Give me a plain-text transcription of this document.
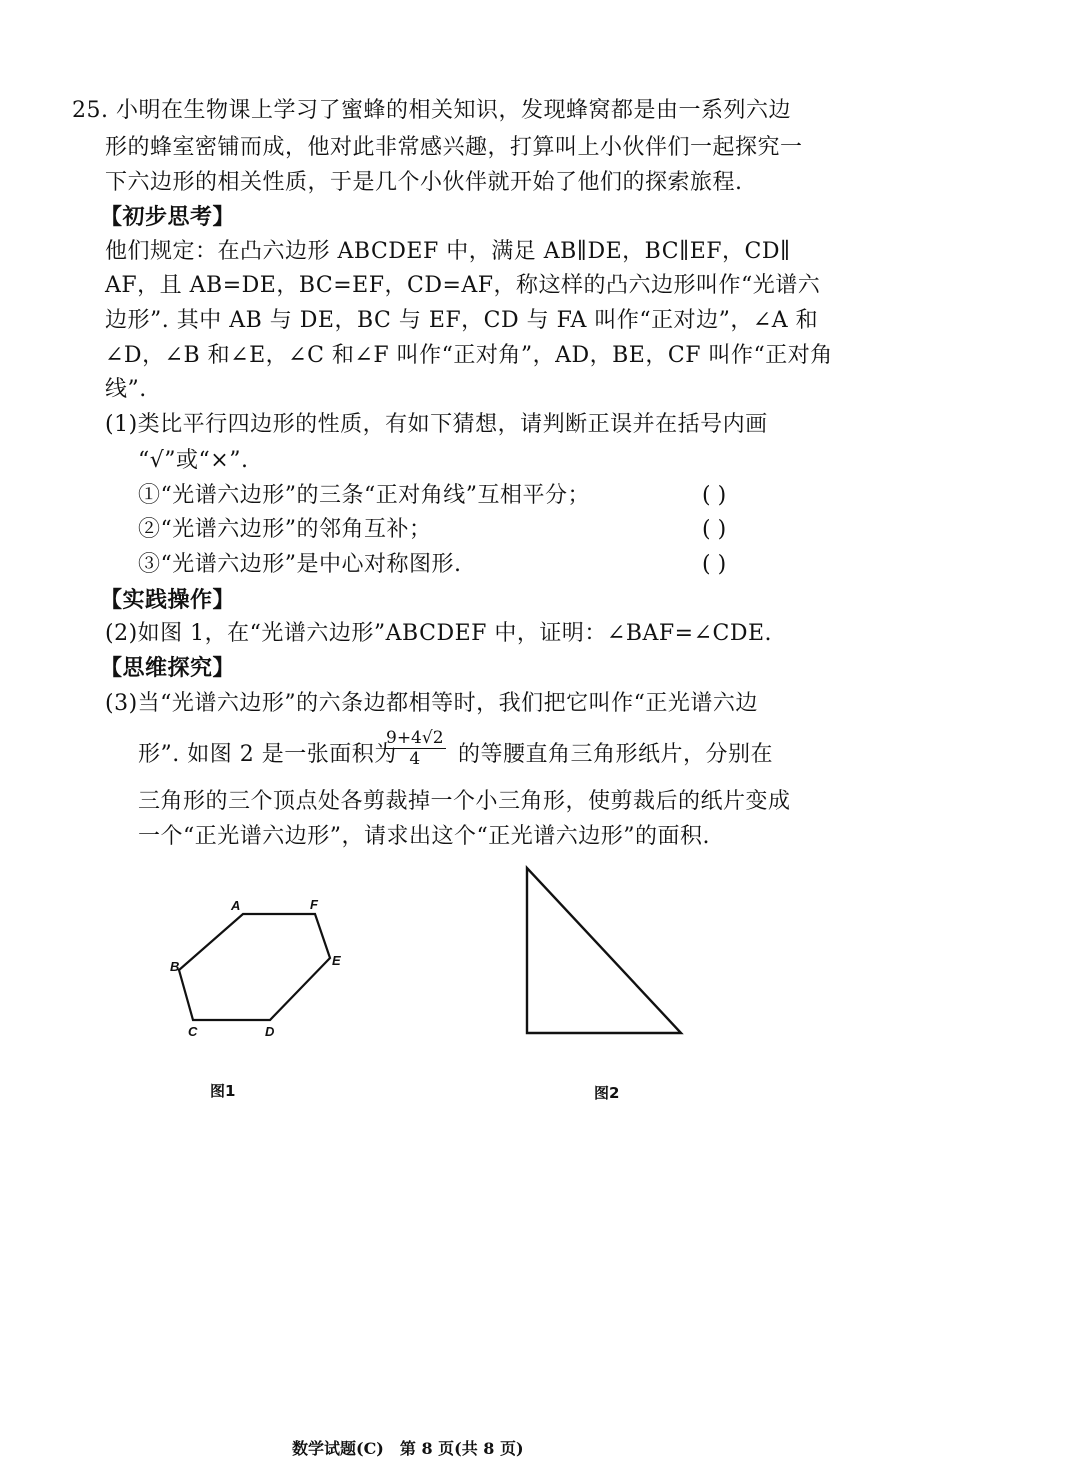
25. 小明在生物课上学习了蜜蜂的相关知识，发现蜂窝都是由一系列六边
形的蜂室密铺而成，他对此非常感兴趣，打算叫上小伙伴们一起探究一
下六边形的相关性质，于是几个小伙伴就开始了他们的探索旅程.
【初步思考】
他们规定：在凸六边形 ABCDEF 中，满足 AB∥DE，BC∥EF，CD∥
AF，且 AB=DE，BC=EF，CD=AF，称这样的凸六边形叫作“光谱六
边形”. 其中 AB 与 DE，BC 与 EF，CD 与 FA 叫作“正对边”，∠A 和
∠D，∠B 和∠E，∠C 和∠F 叫作“正对角”，AD，BE，CF 叫作“正对角
线”.
(1)类比平行四边形的性质，有如下猜想，请判断正误并在括号内画
“√”或“×”.
①“光谱六边形”的三条“正对角线”互相平分；	( )
②“光谱六边形”的邻角互补；	( )
③“光谱六边形”是中心对称图形.	( )
【实践操作】
(2)如图 1，在“光谱六边形”ABCDEF 中，证明：∠BAF=∠CDE.
【思维探究】
(3)当“光谱六边形”的六条边都相等时，我们把它叫作“正光谱六边
形”. 如图 2 是一张面积为
$\frac{9+4√2}{4}$ 的等腰直角三角形纸片，分别在
三角形的三个顶点处各剪裁掉一个小三角形，使剪裁后的纸片变成
一个“正光谱六边形”，请求出这个“正光谱六边形”的面积.
A	F
B	E
C	D
图1	图2
数学试题(C)　第 8 页(共 8 页)
